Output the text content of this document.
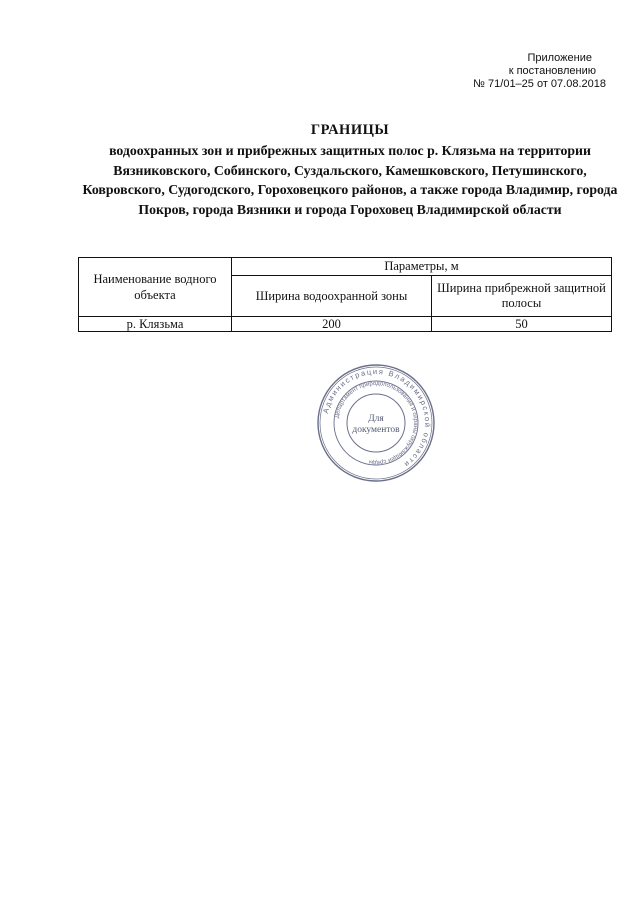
Приложение
к постановлению
№ 71/01–25 от 07.08.2018
ГРАНИЦЫ
водоохранных зон и прибрежных защитных полос р. Клязьма на территории Вязниковского, Собинского, Суздальского, Камешковского, Петушинского, Ковровского, Судогодского, Гороховецкого районов, а также города Владимир, города Покров, города Вязники и города Гороховец Владимирской области
Наименование водного объекта	Параметры, м	
	Ширина водоохранной зоны	Ширина прибрежной защитной полосы
р. Клязьма	200	50
Администрация Владимирской области
Департамент природопользования и охраны окружающей среды
Для
документов
